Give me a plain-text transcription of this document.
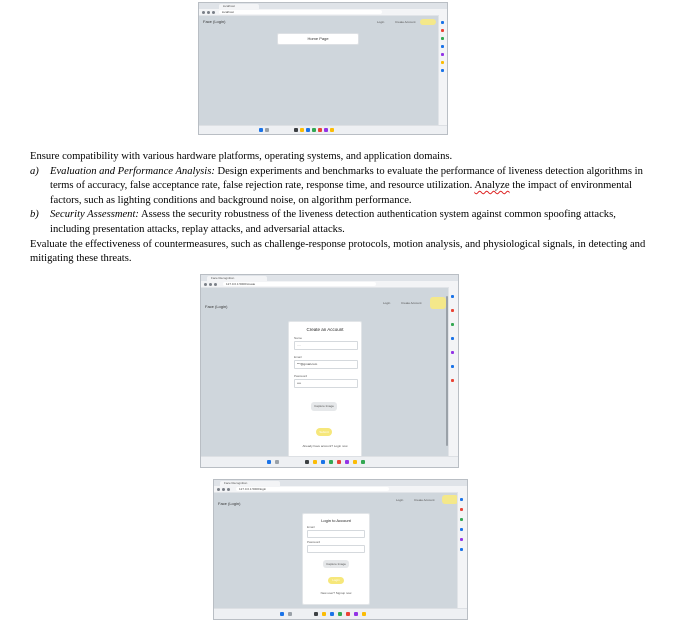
localhost
localhost
Face (Login)	Login	Create Account
Home Page

Ensure compatibility with various hardware platforms, operating systems, and application domains.

a) Evaluation and Performance Analysis: Design experiments and benchmarks to evaluate the performance of liveness detection algorithms in terms of accuracy, false acceptance rate, false rejection rate, response time, and resource utilization. Analyze the impact of environmental factors, such as lighting conditions and background noise, on algorithm performance.
b) Security Assessment: Assess the security robustness of the liveness detection authentication system against common spoofing attacks, including presentation attacks, replay attacks, and adversarial attacks.

Evaluate the effectiveness of countermeasures, such as challenge-response protocols, motion analysis, and physiological signals, in detecting and mitigating these threats.

Face Recognition
127.0.0.1:5000/create
Face (Login)
Login	Create Account
Create an Account
Name
····
Email
***@gmail.com
Password
••••
Capture Image
Submit
Already have account? Login now
Face Recognition
127.0.0.1:5000/login
Face (Login)
Login	Create Account
Login to Account
Email
Password
Capture Image
Login
New user? Signup now
